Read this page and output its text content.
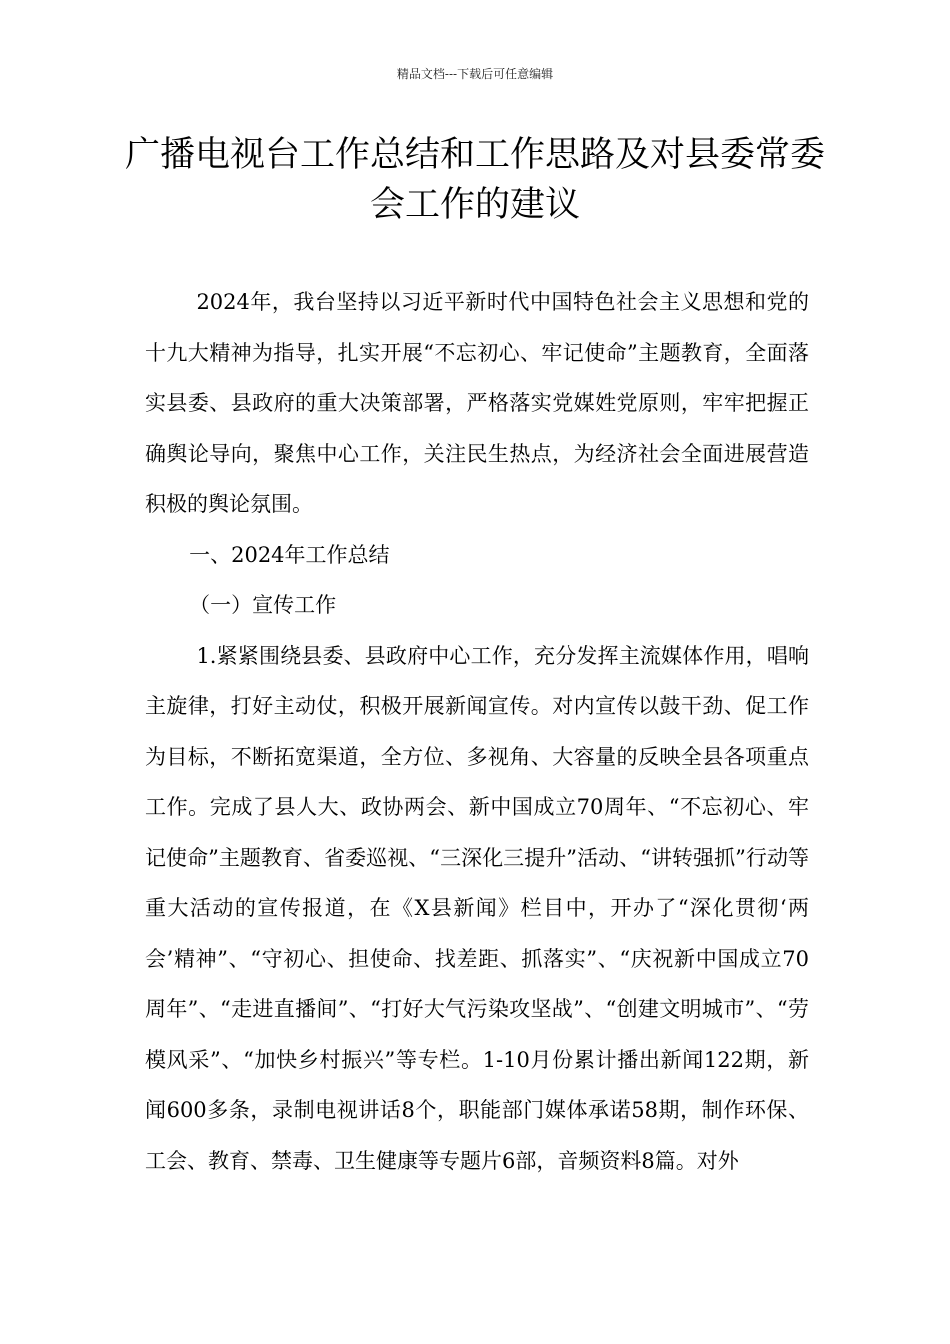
精品文档---下载后可任意编辑
广播电视台工作总结和工作思路及对县委常委会工作的建议

2024年，我台坚持以习近平新时代中国特色社会主义思想和党的十九大精神为指导，扎实开展“不忘初心、牢记使命”主题教育，全面落实县委、县政府的重大决策部署，严格落实党媒姓党原则，牢牢把握正确舆论导向，聚焦中心工作，关注民生热点，为经济社会全面进展营造积极的舆论氛围。

一、2024年工作总结

（一）宣传工作

1.紧紧围绕县委、县政府中心工作，充分发挥主流媒体作用，唱响主旋律，打好主动仗，积极开展新闻宣传。对内宣传以鼓干劲、促工作为目标，不断拓宽渠道，全方位、多视角、大容量的反映全县各项重点工作。完成了县人大、政协两会、新中国成立70周年、“不忘初心、牢记使命”主题教育、省委巡视、“三深化三提升”活动、“讲转强抓”行动等重大活动的宣传报道，在《X县新闻》栏目中，开办了“深化贯彻‘两会’精神”、“守初心、担使命、找差距、抓落实”、“庆祝新中国成立70周年”、“走进直播间”、“打好大气污染攻坚战”、“创建文明城市”、“劳模风采”、“加快乡村振兴”等专栏。1-10月份累计播出新闻122期，新闻600多条，录制电视讲话8个，职能部门媒体承诺58期，制作环保、工会、教育、禁毒、卫生健康等专题片6部，音频资料8篇。对外
